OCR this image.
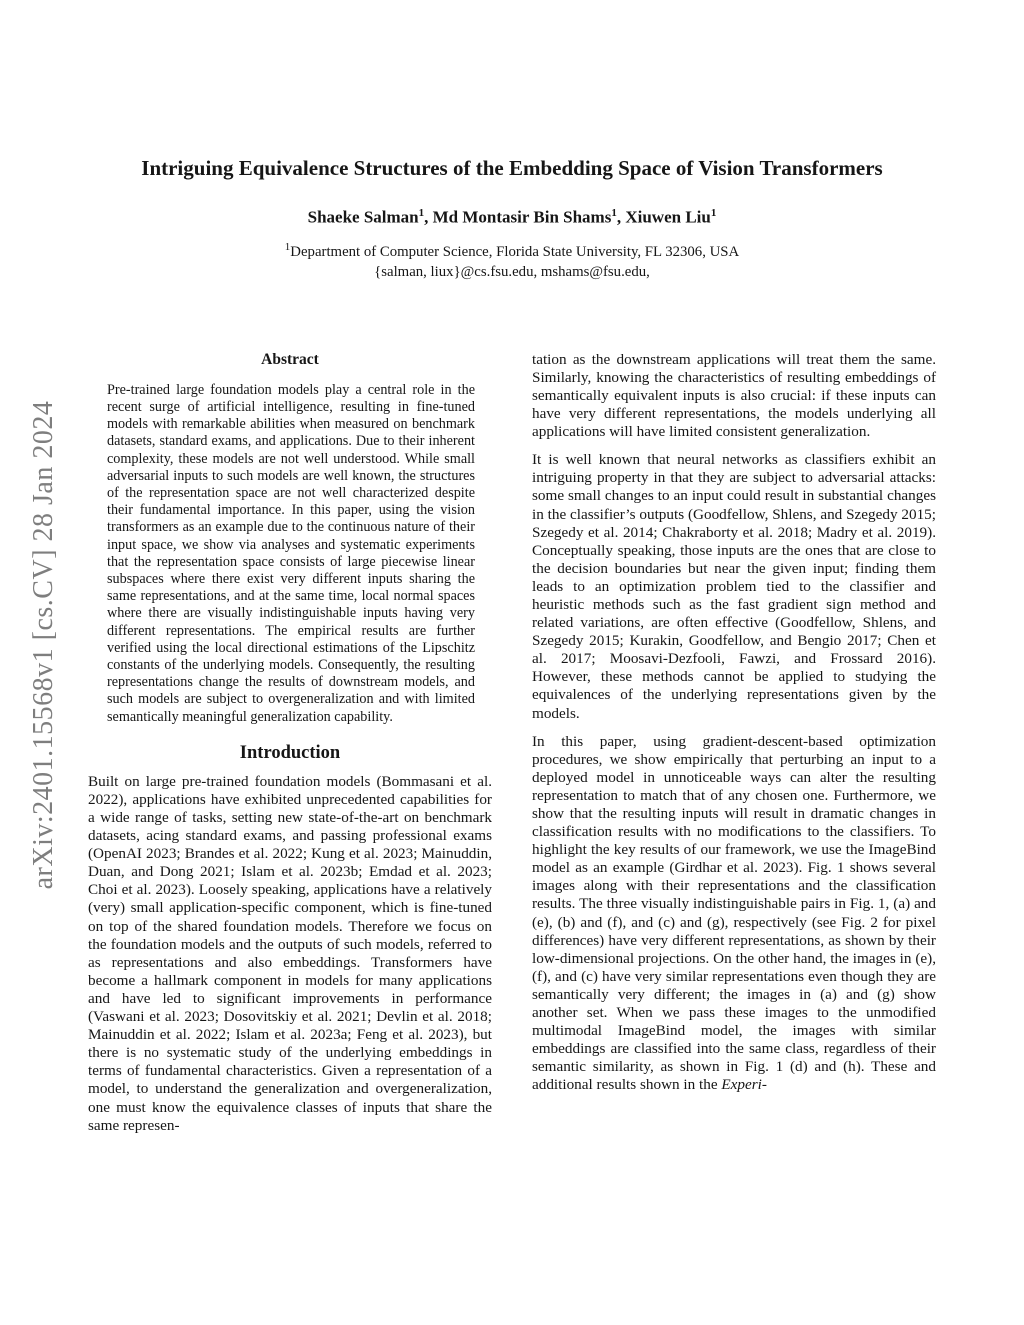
arXiv:2401.15568v1 [cs.CV] 28 Jan 2024
Intriguing Equivalence Structures of the Embedding Space of Vision Transformers
Shaeke Salman$^1$, Md Montasir Bin Shams$^1$, Xiuwen Liu$^1$
$^1$Department of Computer Science, Florida State University, FL 32306, USA
{salman, liux}@cs.fsu.edu, mshams@fsu.edu,
Abstract

Pre-trained large foundation models play a central role in the recent surge of artificial intelligence, resulting in fine-tuned models with remarkable abilities when measured on benchmark datasets, standard exams, and applications. Due to their inherent complexity, these models are not well understood. While small adversarial inputs to such models are well known, the structures of the representation space are not well characterized despite their fundamental importance. In this paper, using the vision transformers as an example due to the continuous nature of their input space, we show via analyses and systematic experiments that the representation space consists of large piecewise linear subspaces where there exist very different inputs sharing the same representations, and at the same time, local normal spaces where there are visually indistinguishable inputs having very different representations. The empirical results are further verified using the local directional estimations of the Lipschitz constants of the underlying models. Consequently, the resulting representations change the results of downstream models, and such models are subject to overgeneralization and with limited semantically meaningful generalization capability.

Introduction

Built on large pre-trained foundation models (Bommasani et al. 2022), applications have exhibited unprecedented capabilities for a wide range of tasks, setting new state-of-the-art on benchmark datasets, acing standard exams, and passing professional exams (OpenAI 2023; Brandes et al. 2022; Kung et al. 2023; Mainuddin, Duan, and Dong 2021; Islam et al. 2023b; Emdad et al. 2023; Choi et al. 2023). Loosely speaking, applications have a relatively (very) small application-specific component, which is fine-tuned on top of the shared foundation models. Therefore we focus on the foundation models and the outputs of such models, referred to as representations and also embeddings. Transformers have become a hallmark component in models for many applications and have led to significant improvements in performance (Vaswani et al. 2023; Dosovitskiy et al. 2021; Devlin et al. 2018; Mainuddin et al. 2022; Islam et al. 2023a; Feng et al. 2023), but there is no systematic study of the underlying embeddings in terms of fundamental characteristics. Given a representation of a model, to understand the generalization and overgeneralization, one must know the equivalence classes of inputs that share the same represen-

tation as the downstream applications will treat them the same. Similarly, knowing the characteristics of resulting embeddings of semantically equivalent inputs is also crucial: if these inputs can have very different representations, the models underlying all applications will have limited consistent generalization.

It is well known that neural networks as classifiers exhibit an intriguing property in that they are subject to adversarial attacks: some small changes to an input could result in substantial changes in the classifier’s outputs (Goodfellow, Shlens, and Szegedy 2015; Szegedy et al. 2014; Chakraborty et al. 2018; Madry et al. 2019). Conceptually speaking, those inputs are the ones that are close to the decision boundaries but near the given input; finding them leads to an optimization problem tied to the classifier and heuristic methods such as the fast gradient sign method and related variations, are often effective (Goodfellow, Shlens, and Szegedy 2015; Kurakin, Goodfellow, and Bengio 2017; Chen et al. 2017; Moosavi-Dezfooli, Fawzi, and Frossard 2016). However, these methods cannot be applied to studying the equivalences of the underlying representations given by the models.

In this paper, using gradient-descent-based optimization procedures, we show empirically that perturbing an input to a deployed model in unnoticeable ways can alter the resulting representation to match that of any chosen one. Furthermore, we show that the resulting inputs will result in dramatic changes in classification results with no modifications to the classifiers. To highlight the key results of our framework, we use the ImageBind model as an example (Girdhar et al. 2023). Fig. 1 shows several images along with their representations and the classification results. The three visually indistinguishable pairs in Fig. 1, (a) and (e), (b) and (f), and (c) and (g), respectively (see Fig. 2 for pixel differences) have very different representations, as shown by their low-dimensional projections. On the other hand, the images in (e), (f), and (c) have very similar representations even though they are semantically very different; the images in (a) and (g) show another set. When we pass these images to the unmodified multimodal ImageBind model, the images with similar embeddings are classified into the same class, regardless of their semantic similarity, as shown in Fig. 1 (d) and (h). These and additional results shown in the Experi-
